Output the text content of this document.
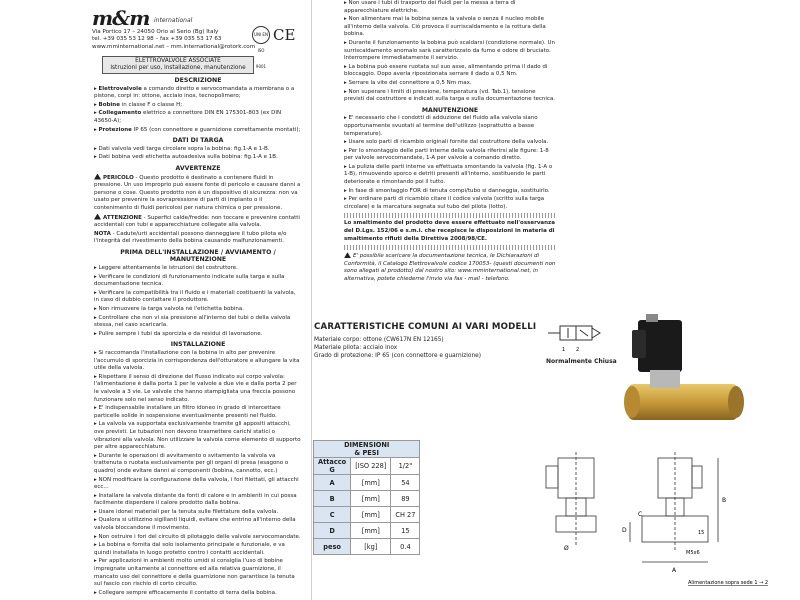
m&m international
Via Portico 17 – 24050 Orio al Serio (Bg) Italy
tel. +39 035 53 12 98 – fax +39 035 53 17 63
www.mminternational.net – mm.international@rotork.com
UNI EN ISO 9001
CE
ELETTROVALVOLE ASSOCIATE
Istruzioni per uso, installazione, manutenzione
DESCRIZIONE

▸ Elettrovalvole a comando diretto e servocomandata a membrana o a pistone, corpi in: ottone, acciaio inox, tecnopolimero;

▸ Bobine in classe F o classe H;

▸ Collegamento elettrico a connettore DIN EN 175301-803 (ex DIN 43650-A);

▸ Protezione IP 65 (con connettore e guarnizione correttamente montati);

DATI DI TARGA

▸ Dati valvola vedi targa circolare sopra la bobina: fig.1-A e 1-B.

▸ Dati bobina vedi etichetta autoadesiva sulla bobina: fig.1-A e 1B.

AVVERTENZE

PERICOLO - Questo prodotto è destinato a contenere fluidi in pressione. Un uso improprio può essere fonte di pericolo e causare danni a persone o cose. Questo prodotto non è un dispositivo di sicurezza: non va usato per prevenire la sovrapressione di parti di impianto o il contenimento di fluidi pericolosi per natura chimica o per pressione.

ATTENZIONE - Superfici calde/fredde: non toccare e prevenire contatti accidentali con tubi e apparecchiature collegate alla valvola.

NOTA - Cadute/urti accidentali possono danneggiare il tubo pilota e/o l'integrità del rivestimento della bobina causando malfunzionamenti.

PRIMA DELL'INSTALLAZIONE / AVVIAMENTO /
MANUTENZIONE

▸ Leggere attentamente le istruzioni del costruttore.

▸ Verificare le condizioni di funzionamento indicate sulla targa e sulla documentazione tecnica.

▸ Verificare la compatibilità tra il fluido e i materiali costituenti la valvola, in caso di dubbio contattare il produttore.

▸ Non rimuovere la targa valvola né l'etichetta bobina.

▸ Controllare che non vi sia pressione all'interno dei tubi o della valvola stessa, nel caso scaricarla.

▸ Pulire sempre i tubi da sporcizia e da residui di lavorazione.

INSTALLAZIONE

▸ Si raccomanda l'installazione con la bobina in alto per prevenire l'accumulo di sporcizia in corrispondenza dell'otturatore e allungare la vita utile della valvola.

▸ Rispettare il senso di direzione del flusso indicato sul corpo valvola: l'alimentazione è dalla porta 1 per le valvole a due vie e dalla porta 2 per le valvole a 3 vie. Le valvole che hanno stampigliata una freccia possono funzionare solo nel senso indicato.

▸ E' indispensabile installare un filtro idoneo in grado di intercettare particelle solide in sospensione eventualmente presenti nel fluido.

▸ La valvola va supportata esclusivamente tramite gli appositi attacchi, ove previsti. Le tubazioni non devono trasmettere carichi statici o vibrazioni alla valvola. Non utilizzare la valvola come elemento di supporto per altre apparecchiature.

▸ Durante le operazioni di avvitamento o svitamento la valvola va trattenuta o ruotata esclusivamente per gli organi di presa (esagono o quadro) onde evitare danni ai componenti (bobina, cannotto, ecc.)

▸ NON modificare la configurazione della valvola, i fori filettati, gli attacchi ecc...

▸ Installare la valvola distante da fonti di calore e in ambienti in cui possa facilmente disperdere il calore prodotto dalla bobina.

▸ Usare idonei materiali per la tenuta sulle filettature della valvola.

▸ Qualora si utilizzino sigillanti liquidi, evitare che entrino all'interno della valvola bloccandone il movimento.

▸ Non ostruire i fori del circuito di pilotaggio delle valvole servocomandate.

▸ La bobina e fornita dal solo isolamento principale e funzionale, e va quindi installata in luogo protetto contro i contatti accidentali.

▸ Per applicazioni in ambienti molto umidi si consiglia l'uso di bobine impregnate unitamente al connettore ed alla relativa guarnizione, il mancato uso del connettore e della guarnizione non garantisce la tenuta sul fascio con rischio di corto circuito.

▸ Collegare sempre efficacemente il contatto di terra della bobina.

▸ Non usare i tubi di trasporto dei fluidi per la messa a terra di apparecchiature elettriche.

▸ Non alimentare mai la bobina senza la valvola o senza il nucleo mobile all'interno della valvola. Ciò provoca il surriscaldamento e la rottura della bobina.

▸ Durante il funzionamento la bobina può scaldarsi (condizione normale). Un surriscaldamento anomalo sarà caratterizzato da fumo e odore di bruciato. Interrompere immediatamente il servizio.

▸ La bobina può essere ruotata sul suo asse, alimentando prima il dado di bloccaggio. Dopo averla riposizionata serrare il dado a 0,5 Nm.

▸ Serrare la vite del connettore a 0,5 Nm max.

▸ Non superare i limiti di pressione, temperatura (vd. Tab.1), tensione previsti dal costruttore e indicati sulla targa e sulla documentazione tecnica.

MANUTENZIONE

▸ E' necessario che i condotti di adduzione del fluido alla valvola siano opportunamente svuotati al termine dell'utilizzo (soprattutto a basse temperature).

▸ Usare solo parti di ricambio originali fornite dal costruttore della valvola.

▸ Per lo smontaggio delle parti interne della valvola riferirsi alle figure: 1-8 per valvole servocomandate, 1-A per valvole a comando diretto.

▸ La pulizia delle parti interne va effettuata smontando la valvola (fig. 1-A o 1-B), rimuovendo sporco e detriti presenti all'interno, sostituendo le parti deteriorate e rimontando poi il tutto.

▸ In fase di smontaggio FOR di tenuta compi/tubo si danneggia, sostituirlo.

▸ Per ordinare parti di ricambio citare il codice valvola (scritto sulla targa circolare) e la marcatura segnata sul tubo del pilota (lotto).

Lo smaltimento del prodotto deve essere effettuato nell'osservanza del D.Lgs. 152/06 e s.m.i. che recepisce le disposizioni in materia di smaltimento rifiuti della Direttiva 2008/98/CE.

E' possibile scaricare la documentazione tecnica, le Dichiarazioni di Conformità, il Catalogo Elettrovalvole codice 170053- (questi documenti non sono allegati al prodotto) dal nostro sito: www.mminternational.net, in alternativa, potete chiederne l'invio via fax - mail - telefono.

CARATTERISTICHE COMUNI AI VARI MODELLI
Materiale corpo: ottone (CW617N EN 12165)
Materiale pilota: acciaio inox
Grado di protezione: IP 65 (con connettore e guarnizione)
2
1
Normalmente Chiusa
DIMENSIONI
& PESI		

Attacco
G	[ISO 228]	1/2"
A	[mm]	54
B	[mm]	89
C	[mm]	CH 27
D	[mm]	15
peso	[kg]	0.4	Ø
A
B
D
C
M5x6
15
Alimentazione sopra sede 1 → 2
